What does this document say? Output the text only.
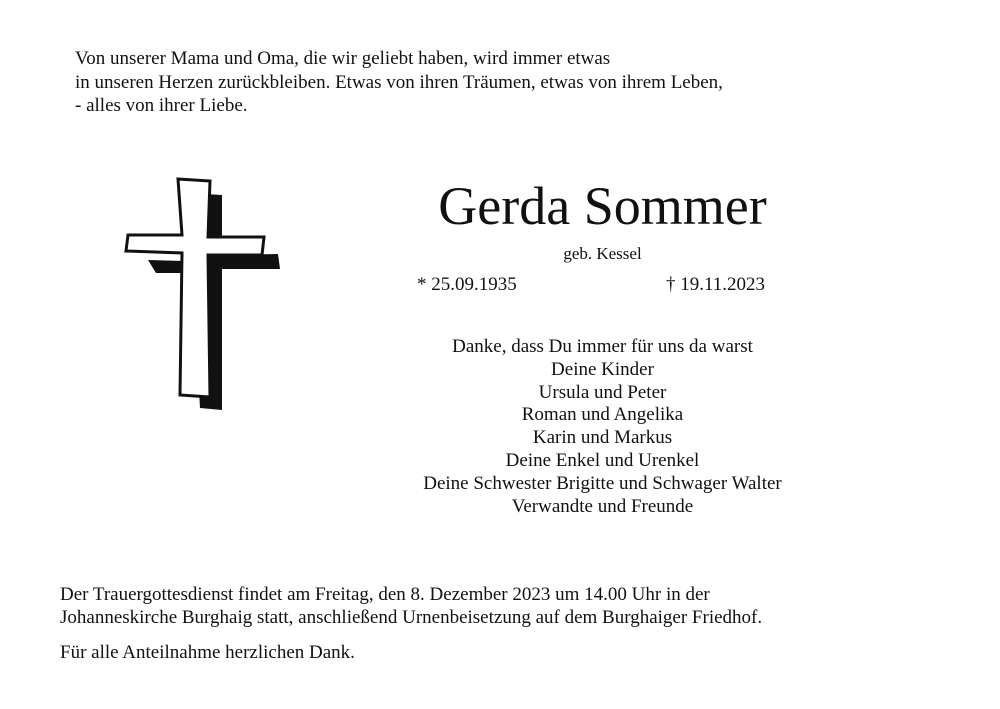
Von unserer Mama und Oma, die wir geliebt haben, wird immer etwas
in unseren Herzen zurückbleiben. Etwas von ihren Träumen, etwas von ihrem Leben,
- alles von ihrer Liebe.
Gerda Sommer
geb. Kessel
* 25.09.1935	† 19.11.2023
Danke, dass Du immer für uns da warst
Deine Kinder
Ursula und Peter
Roman und Angelika
Karin und Markus
Deine Enkel und Urenkel
Deine Schwester Brigitte und Schwager Walter
Verwandte und Freunde
Der Trauergottesdienst findet am Freitag, den 8. Dezember 2023 um 14.00 Uhr in der
Johanneskirche Burghaig statt, anschließend Urnenbeisetzung auf dem Burghaiger Friedhof.
Für alle Anteilnahme herzlichen Dank.
